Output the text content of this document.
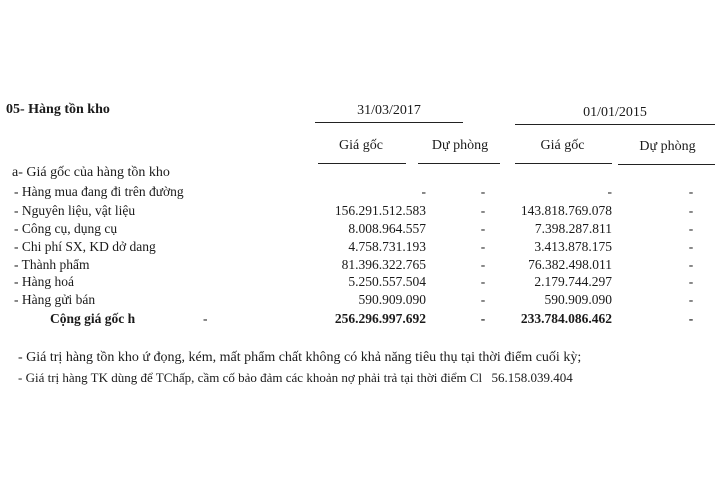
05- Hàng tồn kho	31/03/2017	01/01/2015
Giá gốc	Dự phòng	Giá gốc	Dự phòng
a- Giá gốc của hàng tồn kho
- Hàng mua đang đi trên đường	-	-	-	-
- Nguyên liệu, vật liệu	156.291.512.583	-	143.818.769.078	-
- Công cụ, dụng cụ	8.008.964.557	-	7.398.287.811	-
- Chi phí SX, KD dở dang	4.758.731.193	-	3.413.878.175	-
- Thành phẩm	81.396.322.765	-	76.382.498.011	-
- Hàng hoá	5.250.557.504	-	2.179.744.297	-
- Hàng gửi bán	590.909.090	-	590.909.090	-
Cộng giá gốc h	-	256.296.997.692	-	233.784.086.462	-
- Giá trị hàng tồn kho ứ đọng, kém, mất phẩm chất không có khả năng tiêu thụ tại thời điểm cuối kỳ;
- Giá trị hàng TK dùng để TChấp, cầm cố bảo đảm các khoản nợ phải trả tại thời điểm Cl 56.158.039.404
